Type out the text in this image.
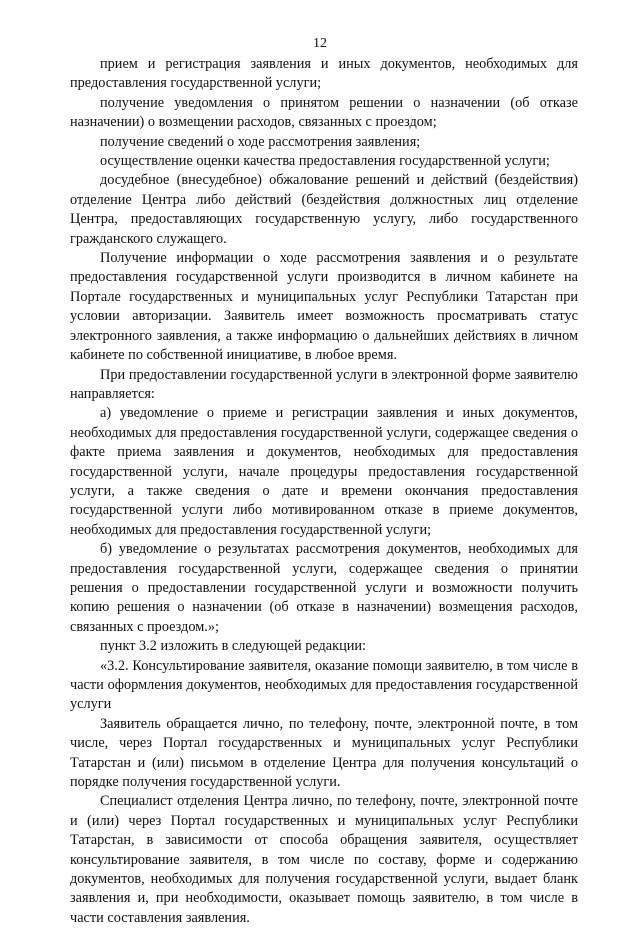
12

прием и регистрация заявления и иных документов, необходимых для предоставления государственной услуги;

получение уведомления о принятом решении о назначении (об отказе назначении) о возмещении расходов, связанных с проездом;

получение сведений о ходе рассмотрения заявления;

осуществление оценки качества предоставления государственной услуги;

досудебное (внесудебное) обжалование решений и действий (бездействия) отделение Центра либо действий (бездействия должностных лиц отделение Центра, предоставляющих государственную услугу, либо государственного гражданского служащего.

Получение информации о ходе рассмотрения заявления и о результате предоставления государственной услуги производится в личном кабинете на Портале государственных и муниципальных услуг Республики Татарстан при условии авторизации. Заявитель имеет возможность просматривать статус электронного заявления, а также информацию о дальнейших действиях в личном кабинете по собственной инициативе, в любое время.

При предоставлении государственной услуги в электронной форме заявителю направляется:

а) уведомление о приеме и регистрации заявления и иных документов, необходимых для предоставления государственной услуги, содержащее сведения о факте приема заявления и документов, необходимых для предоставления государственной услуги, начале процедуры предоставления государственной услуги, а также сведения о дате и времени окончания предоставления государственной услуги либо мотивированном отказе в приеме документов, необходимых для предоставления государственной услуги;

б) уведомление о результатах рассмотрения документов, необходимых для предоставления государственной услуги, содержащее сведения о принятии решения о предоставлении государственной услуги и возможности получить копию решения о назначении (об отказе в назначении) возмещения расходов, связанных с проездом.»;

пункт 3.2 изложить в следующей редакции:

«3.2. Консультирование заявителя, оказание помощи заявителю, в том числе в части оформления документов, необходимых для предоставления государственной услуги

Заявитель обращается лично, по телефону, почте, электронной почте, в том числе, через Портал государственных и муниципальных услуг Республики Татарстан и (или) письмом в отделение Центра для получения консультаций о порядке получения государственной услуги.

Специалист отделения Центра лично, по телефону, почте, электронной почте и (или) через Портал государственных и муниципальных услуг Республики Татарстан, в зависимости от способа обращения заявителя, осуществляет консультирование заявителя, в том числе по составу, форме и содержанию документов, необходимых для получения государственной услуги, выдает бланк заявления и, при необходимости, оказывает помощь заявителю, в том числе в части составления заявления.
